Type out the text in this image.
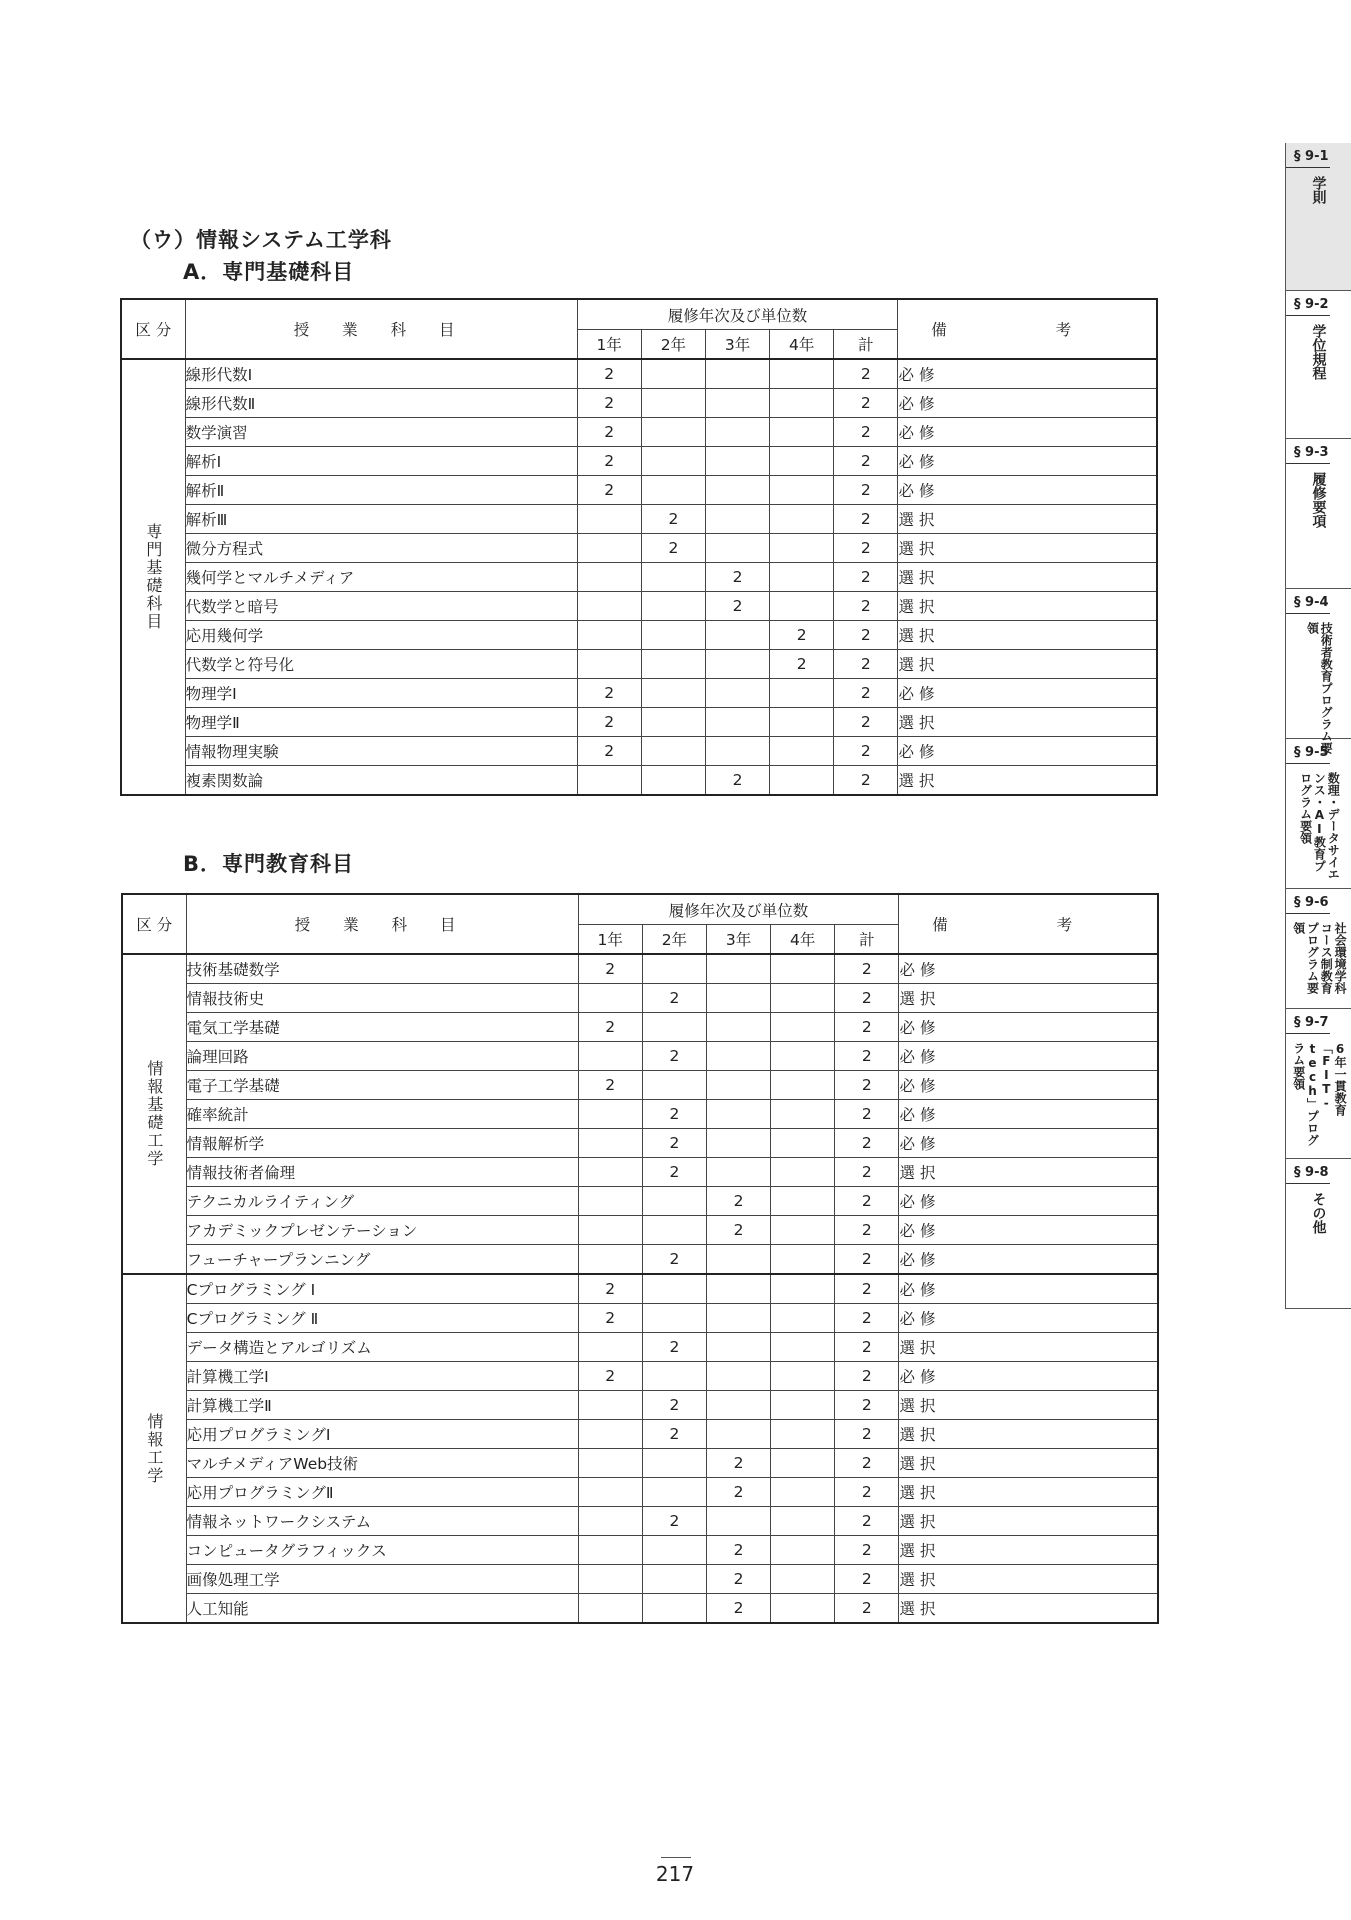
（ウ）情報システム工学科
A．専門基礎科目
区 分	授 業 科 目	履修年次及び単位数					備 考
		1年	2年	3年	4年	計	
専門基礎科目	線形代数Ⅰ	2				2	必修
	線形代数Ⅱ	2				2	必修
	数学演習	2				2	必修
	解析Ⅰ	2				2	必修
	解析Ⅱ	2				2	必修
	解析Ⅲ		2			2	選択
	微分方程式		2			2	選択
	幾何学とマルチメディア			2		2	選択
	代数学と暗号			2		2	選択
	応用幾何学				2	2	選択
	代数学と符号化				2	2	選択
	物理学Ⅰ	2				2	必修
	物理学Ⅱ	2				2	選択
	情報物理実験	2				2	必修
	複素関数論			2		2	選択
B．専門教育科目
区 分	授 業 科 目	履修年次及び単位数					備 考
		1年	2年	3年	4年	計	
情報基礎工学	技術基礎数学	2				2	必修
	情報技術史		2			2	選択
	電気工学基礎	2				2	必修
	論理回路		2			2	必修
	電子工学基礎	2				2	必修
	確率統計		2			2	必修
	情報解析学		2			2	必修
	情報技術者倫理		2			2	選択
	テクニカルライティング			2		2	必修
	アカデミックプレゼンテーション			2		2	必修
	フューチャープランニング		2			2	必修
情報工学	Cプログラミング Ⅰ	2				2	必修
	Cプログラミング Ⅱ	2				2	必修
	データ構造とアルゴリズム		2			2	選択
	計算機工学Ⅰ	2				2	必修
	計算機工学Ⅱ		2			2	選択
	応用プログラミングⅠ		2			2	選択
	マルチメディアWeb技術			2		2	選択
	応用プログラミングⅡ			2		2	選択
	情報ネットワークシステム		2			2	選択
	コンピュータグラフィックス			2		2	選択
	画像処理工学			2		2	選択
	人工知能			2		2	選択
§ 9-1
学則
§ 9-2
学位規程
§ 9-3
履修要項
§ 9-4
技術者教育プログラム要領
§ 9-5
数理・データサイエンス・AI教育プログラム要領
§ 9-6
社会環境学科コース制教育プログラム要領
§ 9-7
6年一貫教育「FIT-tech」プログラム要領
§ 9-8
その他
217
